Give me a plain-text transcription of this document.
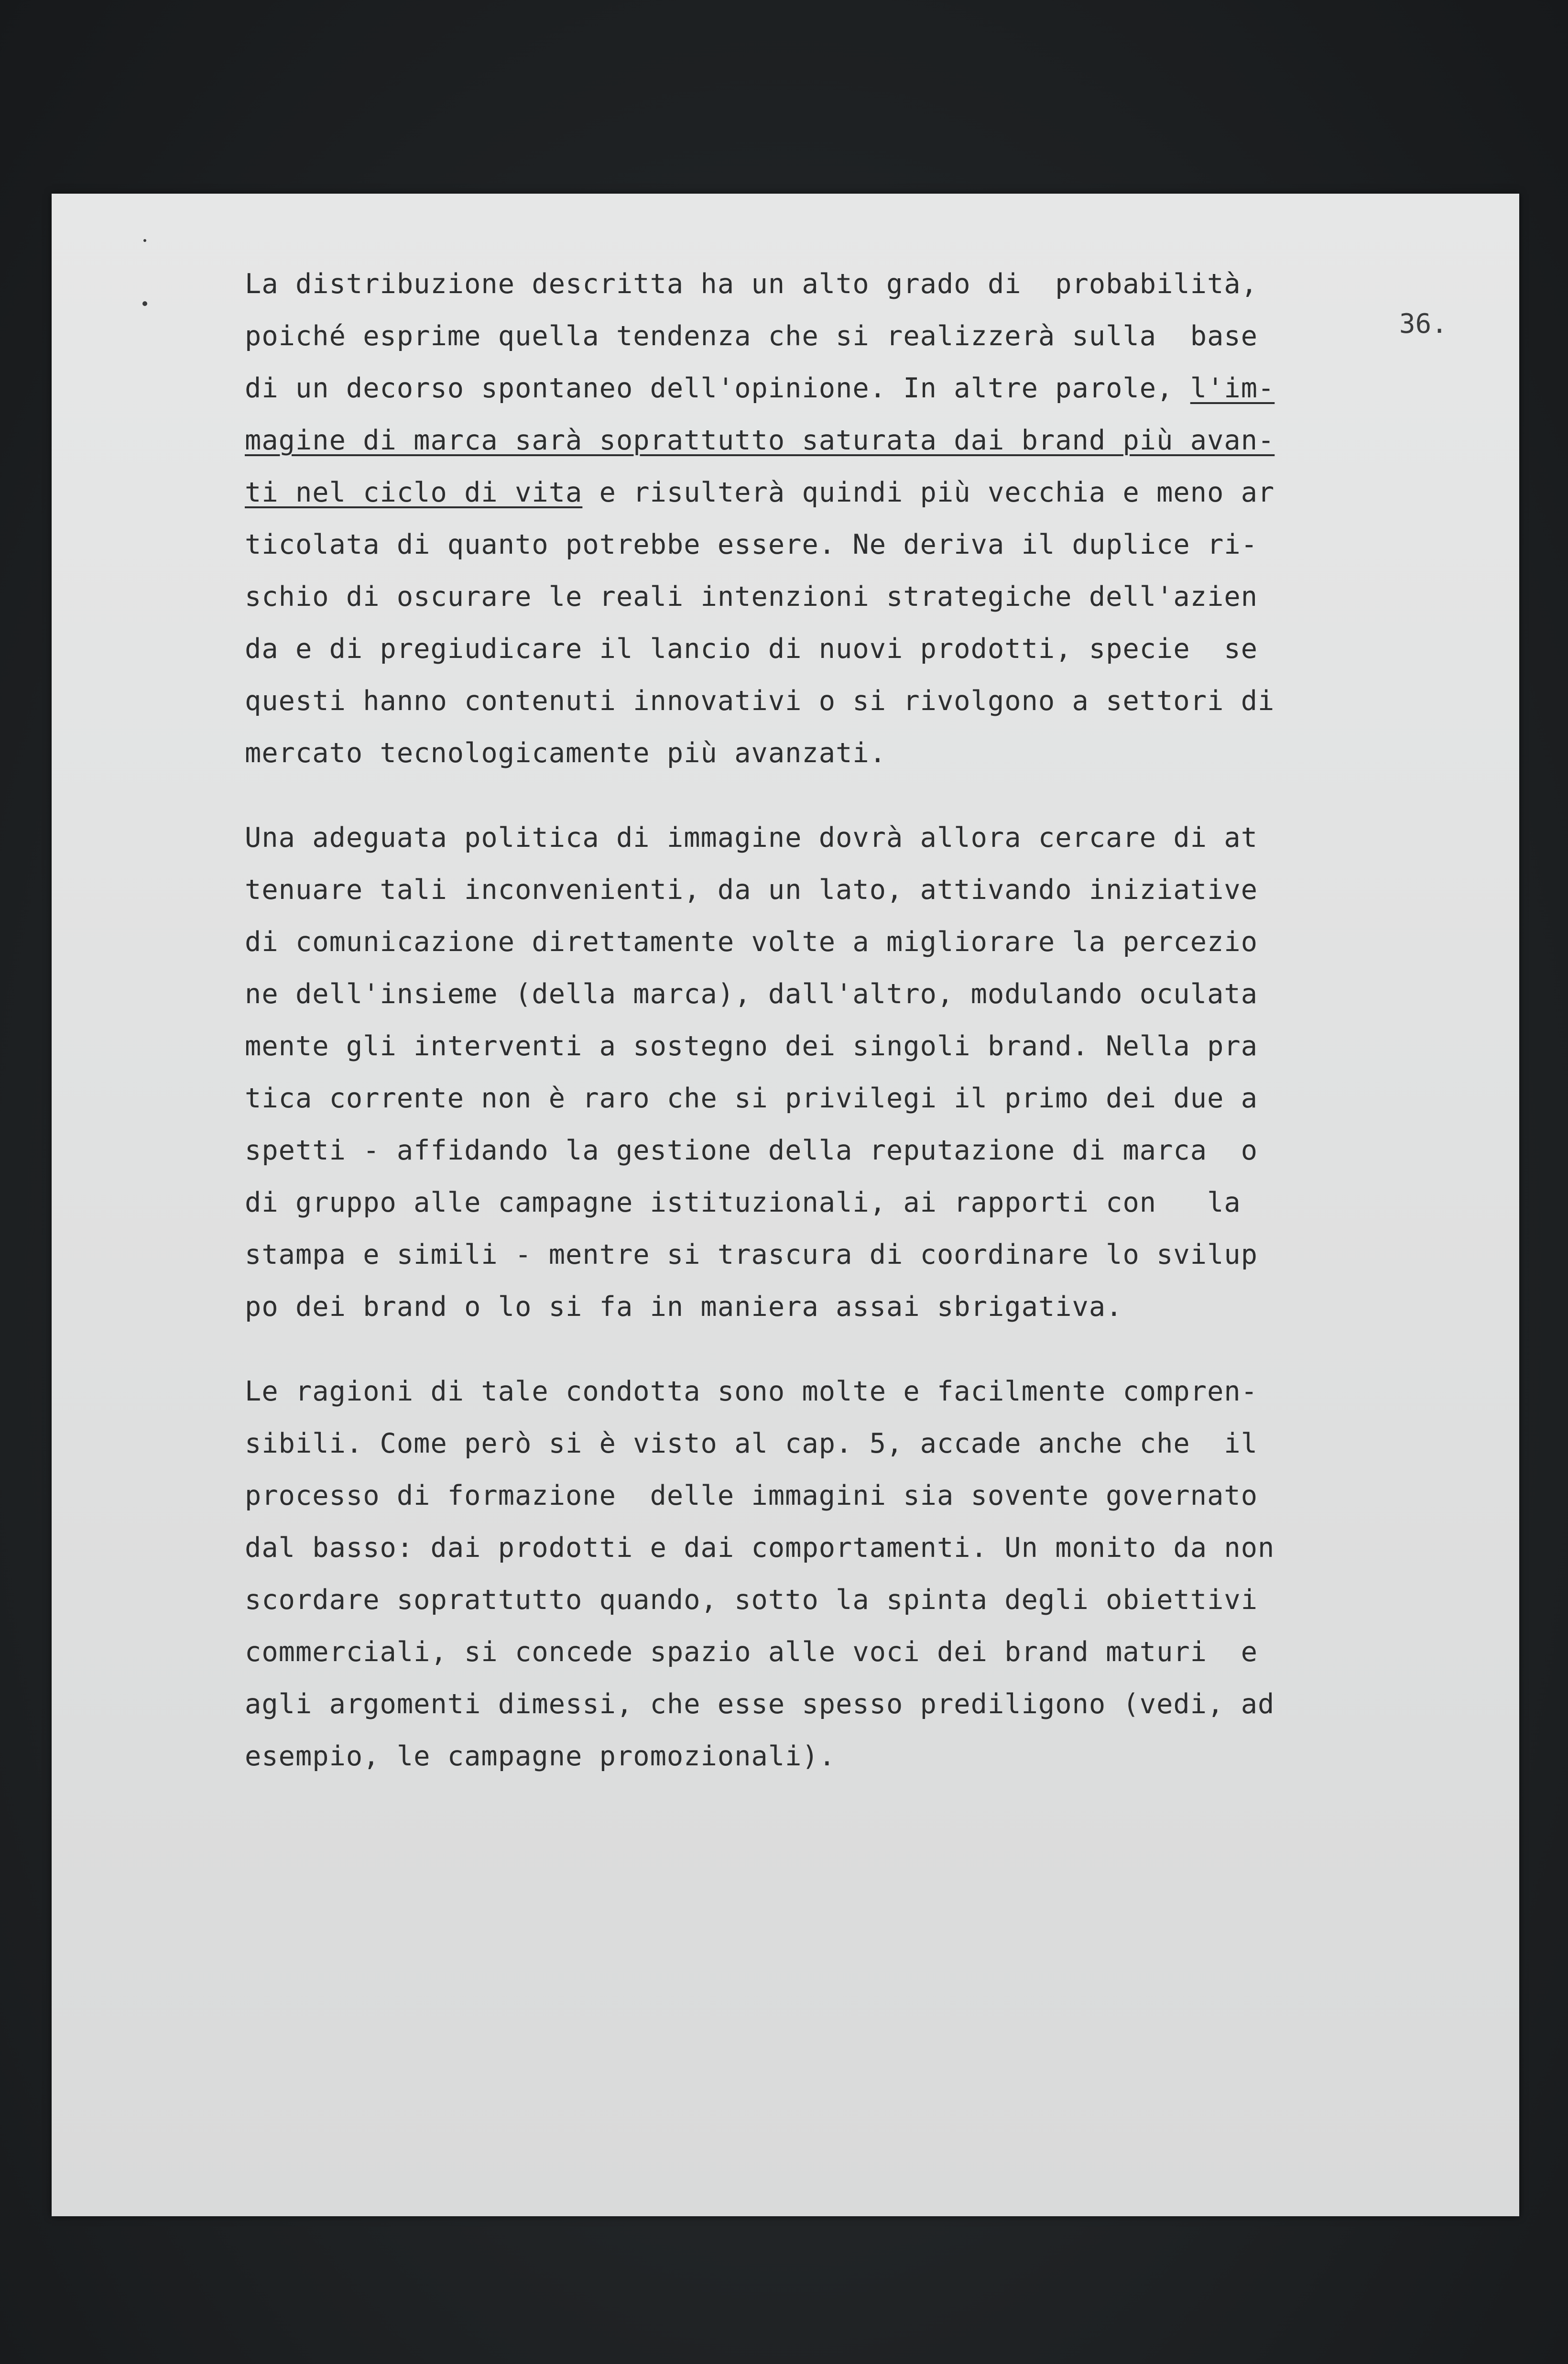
36.

La distribuzione descritta ha un alto grado di  probabilità,
poiché esprime quella tendenza che si realizzerà sulla  base
di un decorso spontaneo dell'opinione. In altre parole, l'im-
magine di marca sarà soprattutto saturata dai brand più avan-
ti nel ciclo di vita e risulterà quindi più vecchia e meno ar
ticolata di quanto potrebbe essere. Ne deriva il duplice ri-
schio di oscurare le reali intenzioni strategiche dell'azien
da e di pregiudicare il lancio di nuovi prodotti, specie  se
questi hanno contenuti innovativi o si rivolgono a settori di
mercato tecnologicamente più avanzati.
Una adeguata politica di immagine dovrà allora cercare di at
tenuare tali inconvenienti, da un lato, attivando iniziative
di comunicazione direttamente volte a migliorare la percezio
ne dell'insieme (della marca), dall'altro, modulando oculata
mente gli interventi a sostegno dei singoli brand. Nella pra
tica corrente non è raro che si privilegi il primo dei due a
spetti - affidando la gestione della reputazione di marca  o
di gruppo alle campagne istituzionali, ai rapporti con   la
stampa e simili - mentre si trascura di coordinare lo svilup
po dei brand o lo si fa in maniera assai sbrigativa.
Le ragioni di tale condotta sono molte e facilmente compren-
sibili. Come però si è visto al cap. 5, accade anche che  il
processo di formazione  delle immagini sia sovente governato
dal basso: dai prodotti e dai comportamenti. Un monito da non
scordare soprattutto quando, sotto la spinta degli obiettivi
commerciali, si concede spazio alle voci dei brand maturi  e
agli argomenti dimessi, che esse spesso prediligono (vedi, ad
esempio, le campagne promozionali).
